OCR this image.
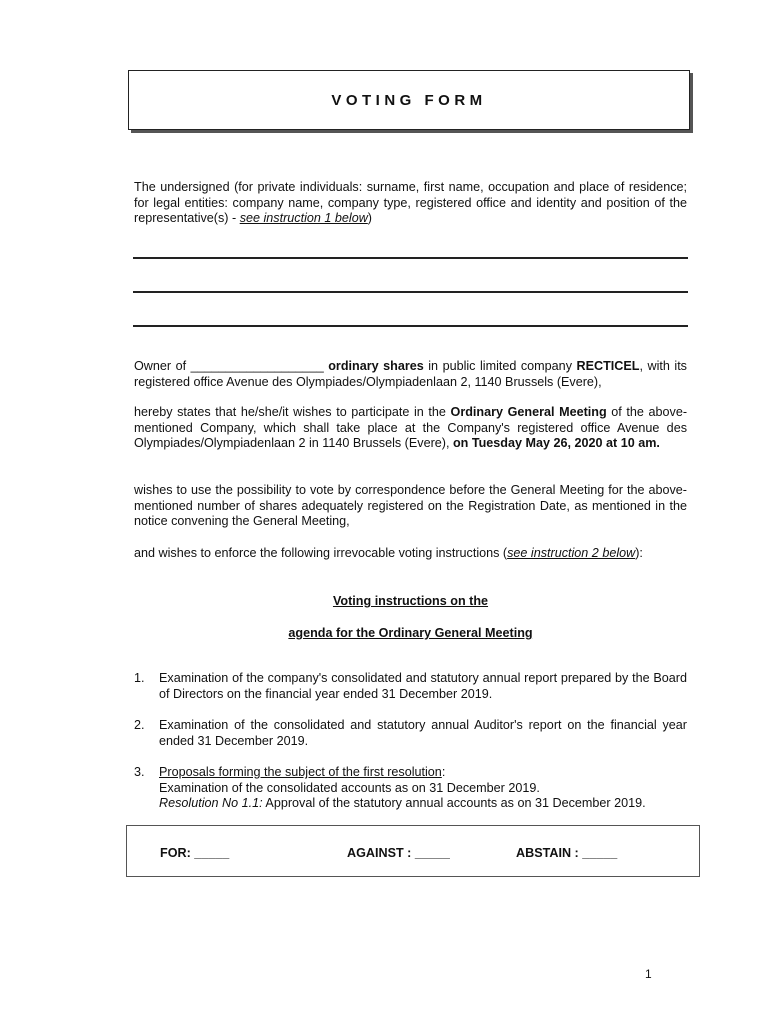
VOTING FORM

The undersigned (for private individuals: surname, first name, occupation and place of residence; for legal entities: company name, company type, registered office and identity and position of the representative(s) - see instruction 1 below)

Owner of ___________________ ordinary shares in public limited company RECTICEL, with its registered office Avenue des Olympiades/Olympiadenlaan 2, 1140 Brussels (Evere),

hereby states that he/she/it wishes to participate in the Ordinary General Meeting of the above-mentioned Company, which shall take place at the Company's registered office Avenue des Olympiades/Olympiadenlaan 2 in 1140 Brussels (Evere), on Tuesday May 26, 2020 at 10 am.

wishes to use the possibility to vote by correspondence before the General Meeting for the above-mentioned number of shares adequately registered on the Registration Date, as mentioned in the notice convening the General Meeting,

and wishes to enforce the following irrevocable voting instructions (see instruction 2 below):

Voting instructions on the
agenda for the Ordinary General Meeting
1. Examination of the company's consolidated and statutory annual report prepared by the Board of Directors on the financial year ended 31 December 2019.
2. Examination of the consolidated and statutory annual Auditor's report on the financial year ended 31 December 2019.
3. Proposals forming the subject of the first resolution:
Examination of the consolidated accounts as on 31 December 2019.
Resolution No 1.1: Approval of the statutory annual accounts as on 31 December 2019.
FOR: _____	AGAINST : _____	ABSTAIN : _____
1
